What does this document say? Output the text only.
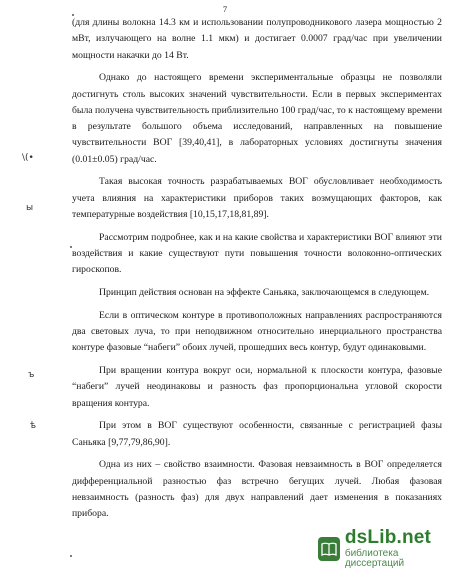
7

(для длины волокна 14.3 км и использовании полупроводникового лазера мощностью 2 мВт, излучающего на волне 1.1 мкм) и достигает 0.0007 град/час при увеличении мощности накачки до 14 Вт.

Однако до настоящего времени экспериментальные образцы не позволяли достигнуть столь высоких значений чувствительности. Если в первых экспериментах была получена чувствительность приблизительно 100 град/час, то к настоящему времени в результате большого объема исследований, направленных на повышение чувствительности ВОГ [39,40,41], в лабораторных условиях достигнуты значения (0.01±0.05) град/час.

Такая высокая точность разрабатываемых ВОГ обусловливает необходимость учета влияния на характеристики приборов таких возмущающих факторов, как температурные воздействия [10,15,17,18,81,89].

Рассмотрим подробнее, как и на какие свойства и характеристики ВОГ влияют эти воздействия и какие существуют пути повышения точности волоконно-оптических гироскопов.

Принцип действия основан на эффекте Саньяка, заключающемся в следующем.

Если в оптическом контуре в противоположных направлениях распространяются два световых луча, то при неподвижном относительно инерциального пространства контуре фазовые “набеги” обоих лучей, прошедших весь контур, будут одинаковыми.

При вращении контура вокруг оси, нормальной к плоскости контура, фазовые “набеги” лучей неодинаковы и разность фаз пропорциональна угловой скорости вращения контура.

При этом в ВОГ существуют особенности, связанные с регистрацией фазы Саньяка [9,77,79,86,90].

Одна из них – свойство взаимности. Фазовая невзаимность в ВОГ определяется дифференциальной разностью фаз встречно бегущих лучей. Любая фазовая невзаимность (разность фаз) для двух направлений дает изменения в показаниях прибора.

\(•
ы
ъ
ѣ
dsLib.net
библиотека диссертаций
